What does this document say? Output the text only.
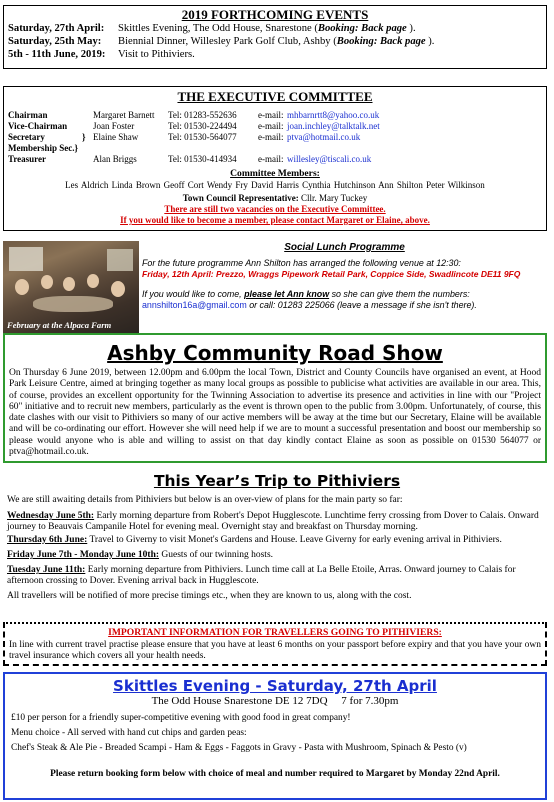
2019 FORTHCOMING EVENTS
Saturday, 27th April: Skittles Evening, The Odd House, Snarestone (Booking: Back page ).
Saturday, 25th May: Biennial Dinner, Willesley Park Golf Club, Ashby (Booking: Back page ).
5th - 11th June, 2019: Visit to Pithiviers.
THE EXECUTIVE COMMITTEE
Chairman	Margaret Barnett Tel: 01283-552636 e-mail: mhbarnrtt8@yahoo.co.uk
Vice-Chairman	Joan Foster	Tel: 01530-224494 e-mail: joan.inchley@talktalk.net
Secretary	} Elaine Shaw	Tel: 01530-564077 e-mail: ptva@hotmail.co.uk
Membership Sec.}
Treasurer	Alan Briggs	Tel: 01530-414934 e-mail: willesley@tiscali.co.uk
Committee Members:
Les Aldrich Linda Brown Geoff Cort Wendy Fry David Harris Cynthia Hutchinson Ann Shilton Peter Wilkinson
Town Council Representative: Cllr. Mary Tuckey
There are still two vacancies on the Executive Committee.
If you would like to become a member, please contact Margaret or Elaine, above.
February at the Alpaca Farm
Social Lunch Programme
For the future programme Ann Shilton has arranged the following venue at 12:30:
Friday, 12th April: Prezzo, Wraggs Pipework Retail Park, Coppice Side, Swadlincote DE11 9FQ
If you would like to come, please let Ann know so she can give them the numbers:
annshilton16a@gmail.com or call: 01283 225066 (leave a message if she isn't there).
Ashby Community Road Show

On Thursday 6 June 2019, between 12.00pm and 6.00pm the local Town, District and County Councils have organised an event, at Hood Park Leisure Centre, aimed at bringing together as many local groups as possible to publicise what activities are available in our area. This, of course, provides an excellent opportunity for the Twinning Association to advertise its presence and activities in line with our "Project 60" initiative and to recruit new members, particularly as the event is thrown open to the public from 3.00pm. Unfortunately, of course, this date clashes with our visit to Pithiviers so many of our active members will be away at the time but our Secretary, Elaine will be available and will be co-ordinating our effort. However she will need help if we are to mount a successful presentation and boost our membership so please would anyone who is able and willing to assist on that day kindly contact Elaine as soon as possible on 01530 564077 or ptva@hotmail.co.uk.

This Year’s Trip to Pithiviers
We are still awaiting details from Pithiviers but below is an over-view of plans for the main party so far:
Wednesday June 5th: Early morning departure from Robert's Depot Hugglescote. Lunchtime ferry crossing from Dover to Calais. Onward journey to Beauvais Campanile Hotel for evening meal. Overnight stay and breakfast on Thursday morning.
Thursday 6th June: Travel to Giverny to visit Monet's Gardens and House. Leave Giverny for early evening arrival in Pithiviers.
Friday June 7th - Monday June 10th: Guests of our twinning hosts.
Tuesday June 11th: Early morning departure from Pithiviers. Lunch time call at La Belle Etoile, Arras. Onward journey to Calais for afternoon crossing to Dover. Evening arrival back in Hugglescote.
All travellers will be notified of more precise timings etc., when they are known to us, along with the cost.
IMPORTANT INFORMATION FOR TRAVELLERS GOING TO PITHIVIERS:

In line with current travel practise please ensure that you have at least 6 months on your passport before expiry and that you have your own travel insurance which covers all your health needs.

Skittles Evening - Saturday, 27th April
The Odd House Snarestone DE 12 7DQ     7 for 7.30pm
£10 per person for a friendly super-competitive evening with good food in great company!
Menu choice - All served with hand cut chips and garden peas:
Chef's Steak & Ale Pie - Breaded Scampi - Ham & Eggs - Faggots in Gravy - Pasta with Mushroom, Spinach & Pesto (v)
Please return booking form below with choice of meal and number required to Margaret by Monday 22nd April.
